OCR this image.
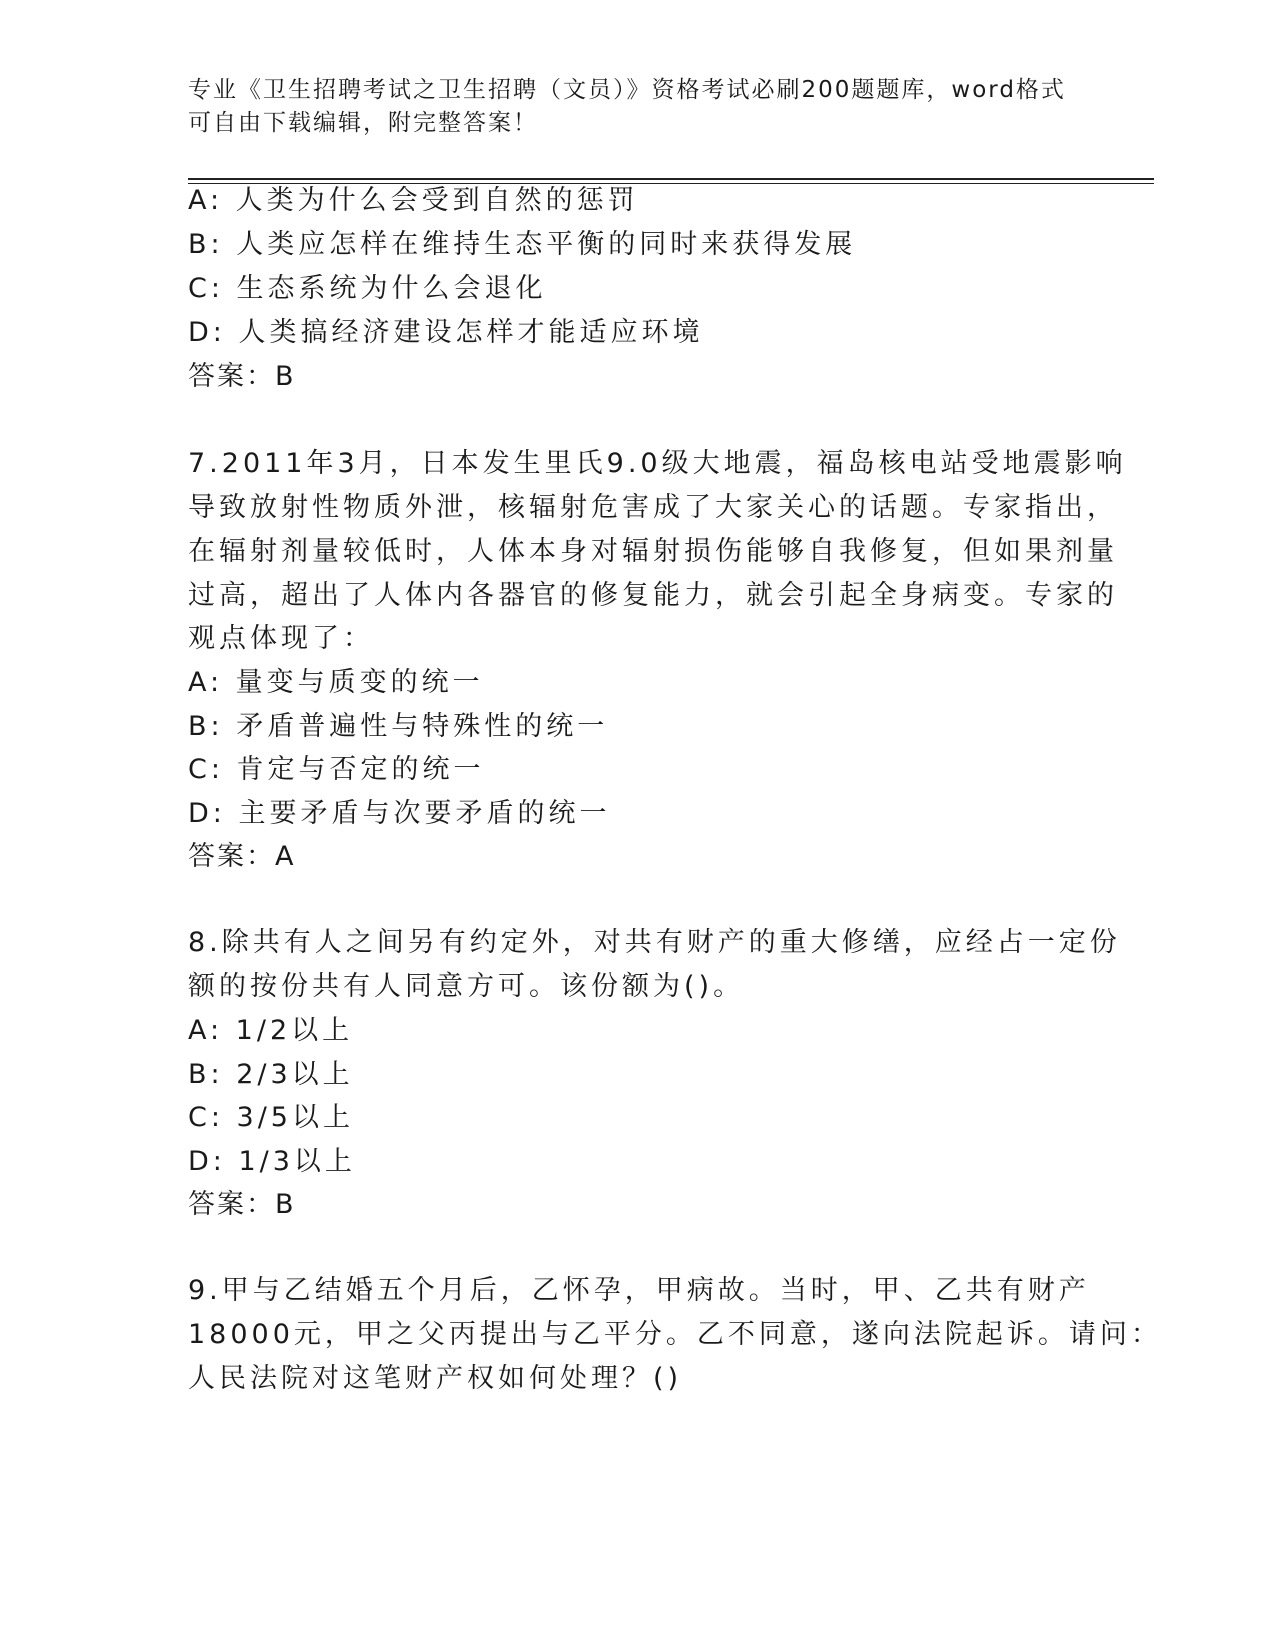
专业《卫生招聘考试之卫生招聘（文员）》资格考试必刷200题题库，word格式
可自由下载编辑，附完整答案！
A: 人类为什么会受到自然的惩罚
B: 人类应怎样在维持生态平衡的同时来获得发展
C: 生态系统为什么会退化
D: 人类搞经济建设怎样才能适应环境
答案：B
7.2011年3月，日本发生里氏9.0级大地震，福岛核电站受地震影响
导致放射性物质外泄，核辐射危害成了大家关心的话题。专家指出，
在辐射剂量较低时，人体本身对辐射损伤能够自我修复，但如果剂量
过高，超出了人体内各器官的修复能力，就会引起全身病变。专家的
观点体现了：
A: 量变与质变的统一
B: 矛盾普遍性与特殊性的统一
C: 肯定与否定的统一
D: 主要矛盾与次要矛盾的统一
答案：A
8.除共有人之间另有约定外，对共有财产的重大修缮，应经占一定份
额的按份共有人同意方可。该份额为()。
A: 1/2以上
B: 2/3以上
C: 3/5以上
D: 1/3以上
答案：B
9.甲与乙结婚五个月后，乙怀孕，甲病故。当时，甲、乙共有财产
18000元，甲之父丙提出与乙平分。乙不同意，遂向法院起诉。请问：
人民法院对这笔财产权如何处理？()
